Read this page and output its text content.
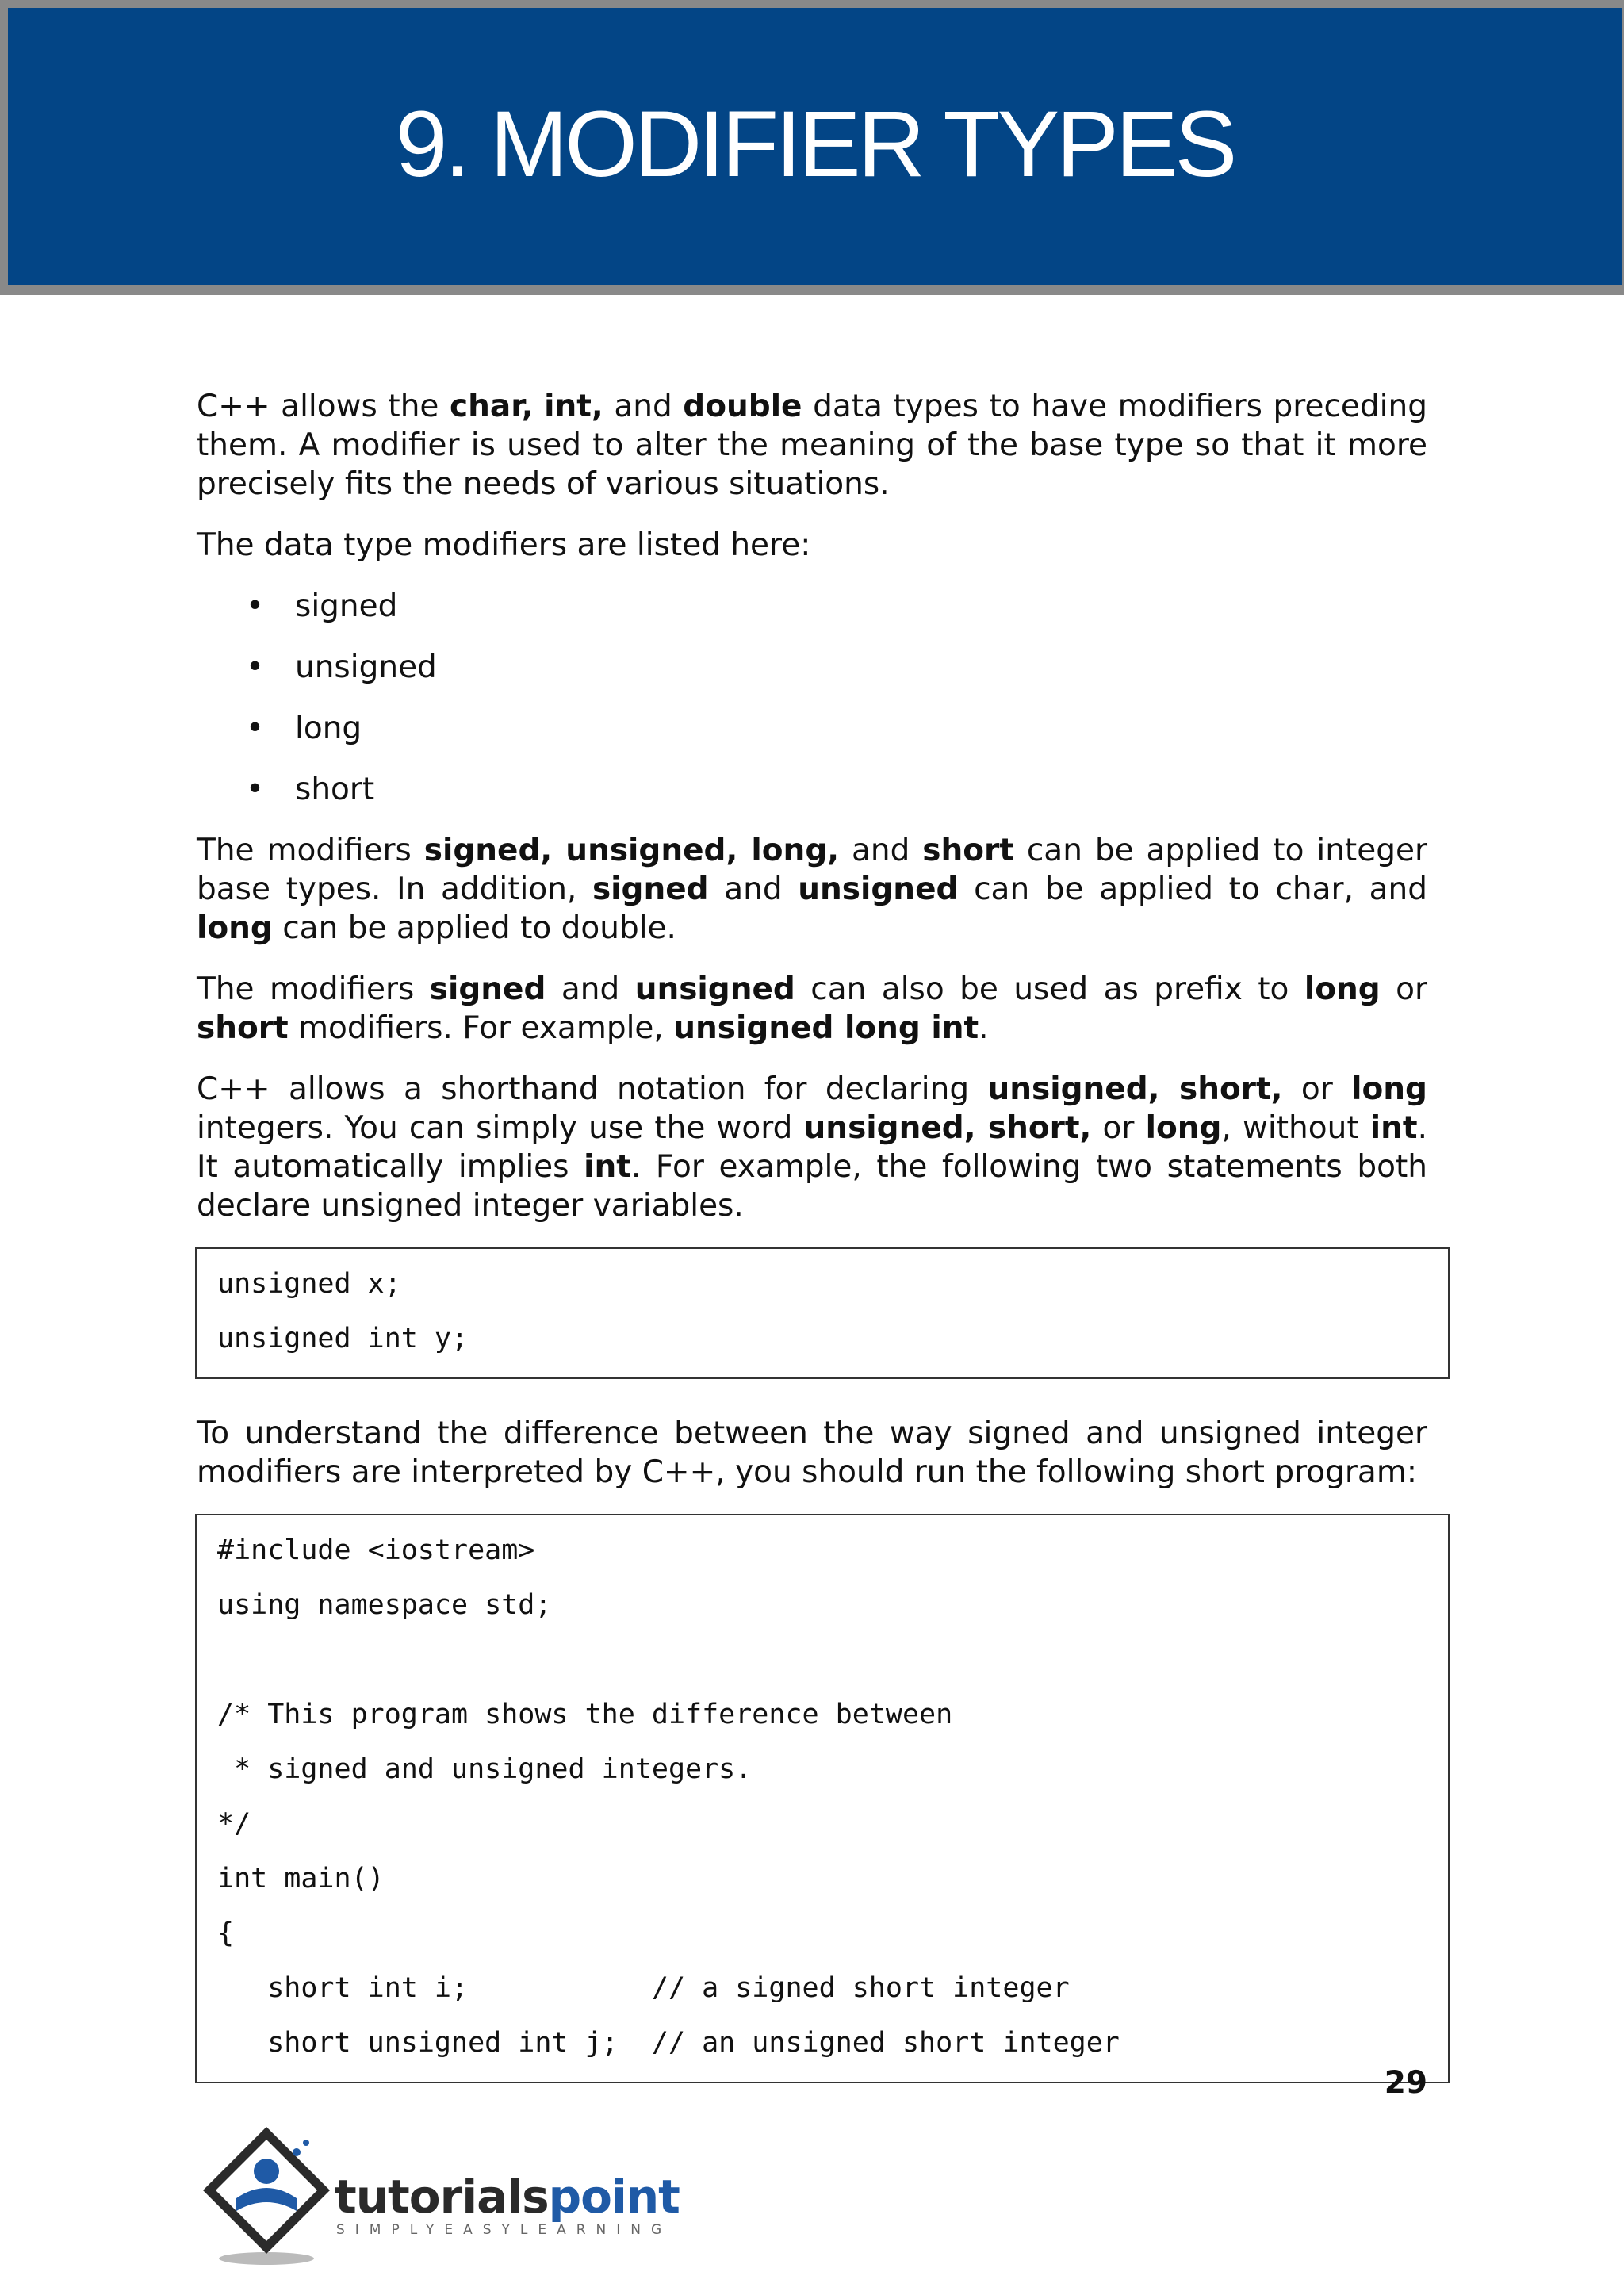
9. MODIFIER TYPES

C++ allows the char, int, and double data types to have modifiers preceding them. A modifier is used to alter the meaning of the base type so that it more precisely fits the needs of various situations.

The data type modifiers are listed here:

• signed
• unsigned
• long
• short

The modifiers signed, unsigned, long, and short can be applied to integer base types. In addition, signed and unsigned can be applied to char, and long can be applied to double.

The modifiers signed and unsigned can also be used as prefix to long or short modifiers. For example, unsigned long int.

C++ allows a shorthand notation for declaring unsigned, short, or long integers. You can simply use the word unsigned, short, or long, without int. It automatically implies int. For example, the following two statements both declare unsigned integer variables.

unsigned x;
unsigned int y;

To understand the difference between the way signed and unsigned integer modifiers are interpreted by C++, you should run the following short program:

#include <iostream>
using namespace std;
/* This program shows the difference between
* signed and unsigned integers.
*/
int main()
{
short int i;           // a signed short integer
short unsigned int j;  // an unsigned short integer
29
tutorialspoint
SIMPLYEASYLEARNING
